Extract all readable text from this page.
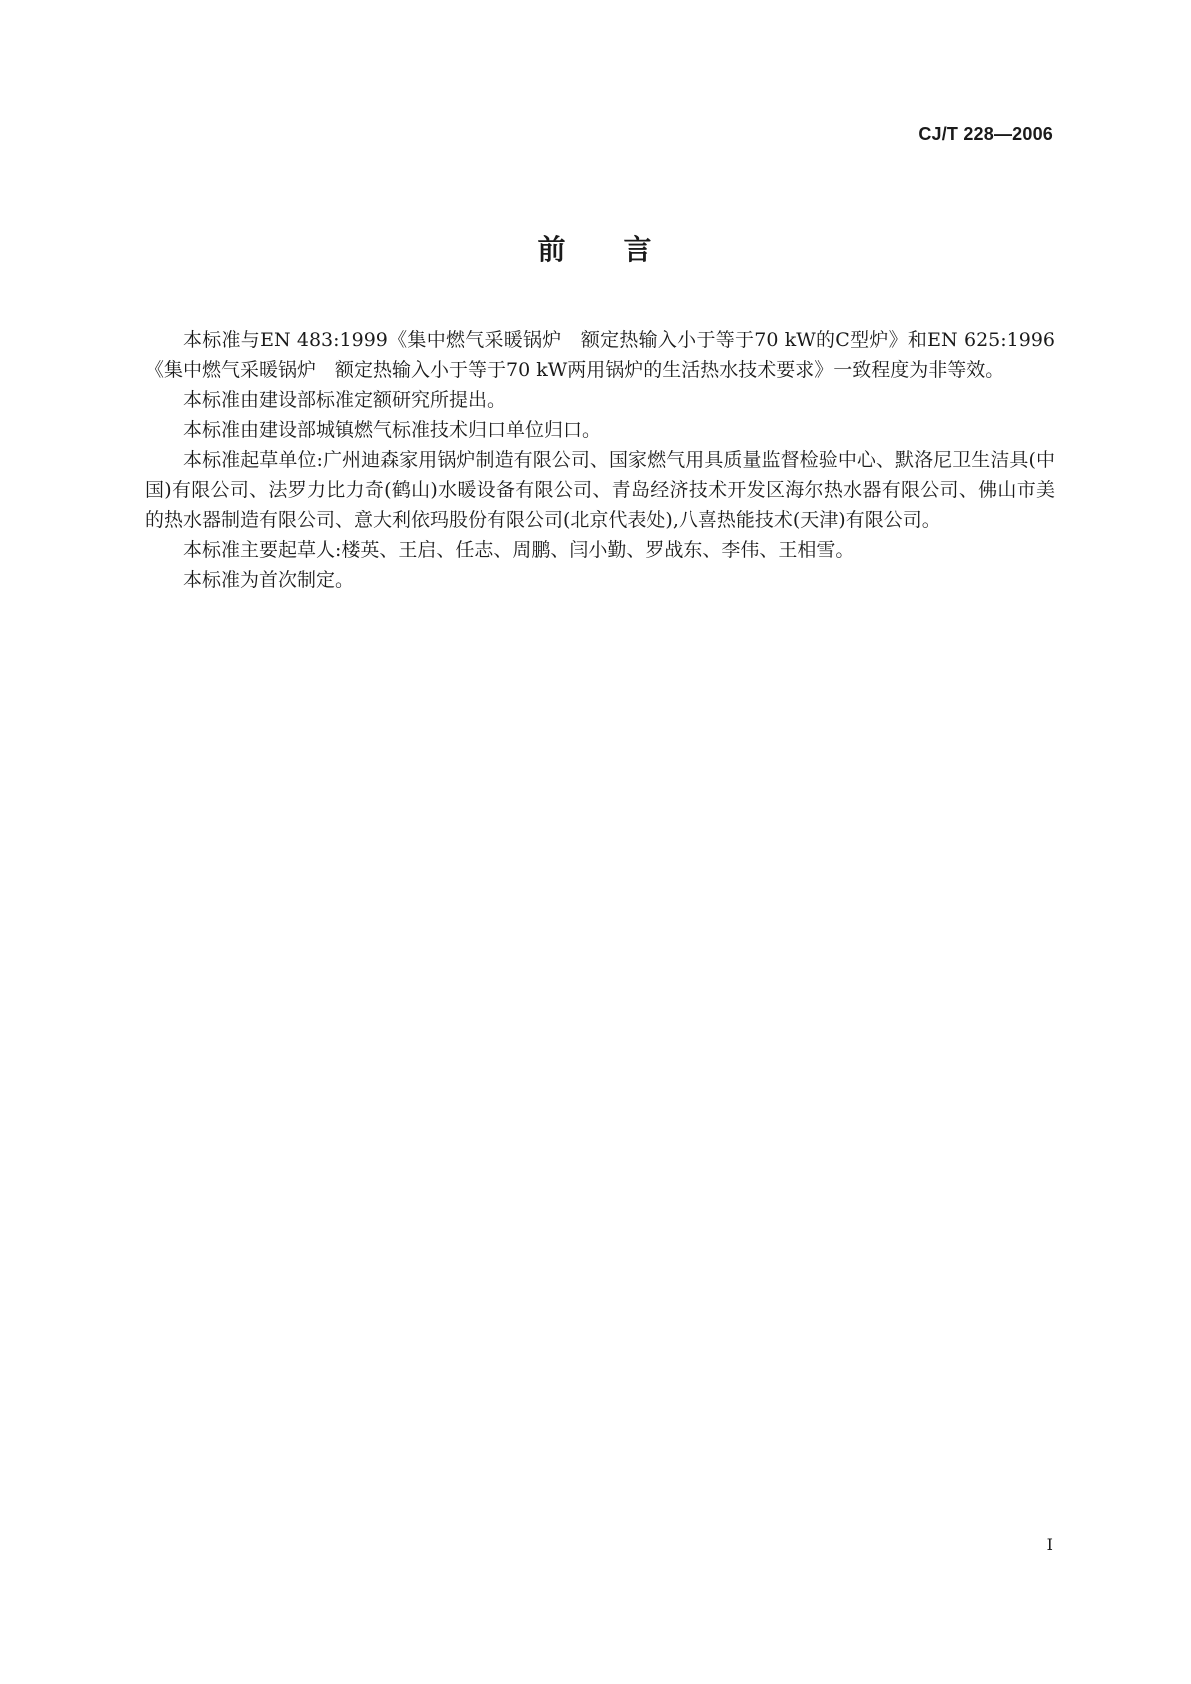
CJ/T 228—2006
前 言

本标准与EN 483:1999《集中燃气采暖锅炉　额定热输入小于等于70 kW的C型炉》和EN 625:1996《集中燃气采暖锅炉　额定热输入小于等于70 kW两用锅炉的生活热水技术要求》一致程度为非等效。

本标准由建设部标准定额研究所提出。

本标准由建设部城镇燃气标准技术归口单位归口。

本标准起草单位:广州迪森家用锅炉制造有限公司、国家燃气用具质量监督检验中心、默洛尼卫生洁具(中国)有限公司、法罗力比力奇(鹤山)水暖设备有限公司、青岛经济技术开发区海尔热水器有限公司、佛山市美的热水器制造有限公司、意大利依玛股份有限公司(北京代表处),八喜热能技术(天津)有限公司。

本标准主要起草人:楼英、王启、任志、周鹏、闫小勤、罗战东、李伟、王相雪。

本标准为首次制定。

I
